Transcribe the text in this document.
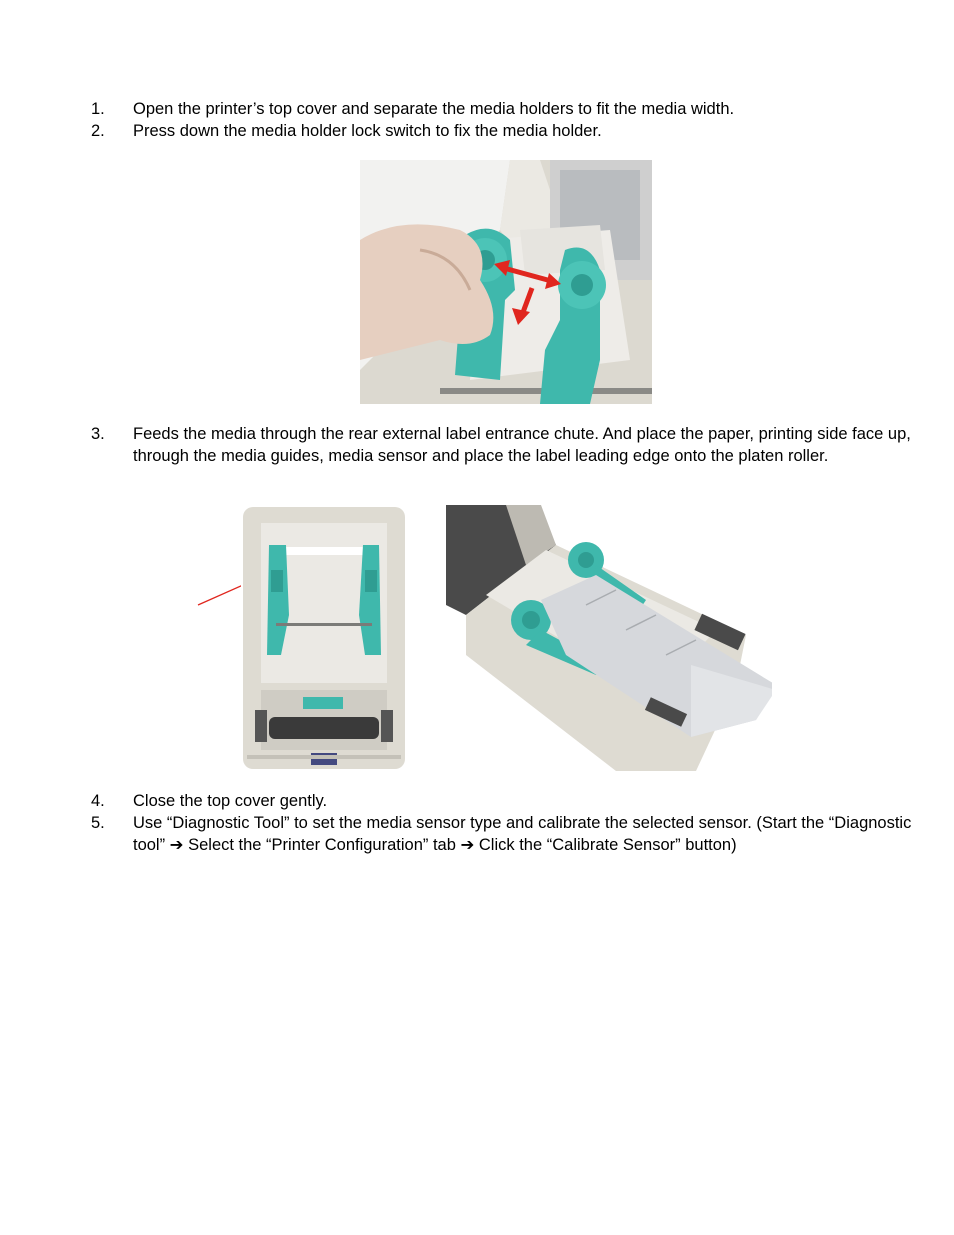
1. Open the printer’s top cover and separate the media holders to fit the media width.
2. Press down the media holder lock switch to fix the media holder.
3. Feeds the media through the rear external label entrance chute. And place the paper, printing side face up, through the media guides, media sensor and place the label leading edge onto the platen roller.
4. Close the top cover gently.
5. Use “Diagnostic Tool” to set the media sensor type and calibrate the selected sensor. (Start the “Diagnostic tool” ➔ Select the “Printer Configuration” tab ➔ Click the “Calibrate Sensor” button)
